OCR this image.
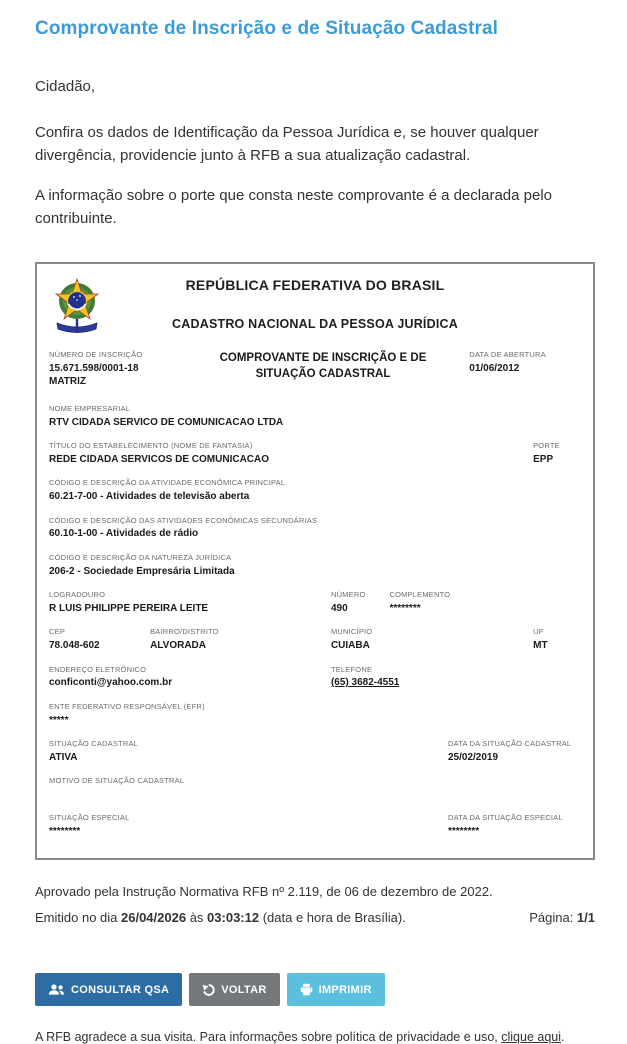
Comprovante de Inscrição e de Situação Cadastral
Cidadão,
Confira os dados de Identificação da Pessoa Jurídica e, se houver qualquer divergência, providencie junto à RFB a sua atualização cadastral.
A informação sobre o porte que consta neste comprovante é a declarada pelo contribuinte.
REPÚBLICA FEDERATIVA DO BRASIL
CADASTRO NACIONAL DA PESSOA JURÍDICA
NÚMERO DE INSCRIÇÃO
15.671.598/0001-18
MATRIZ
COMPROVANTE DE INSCRIÇÃO E DE SITUAÇÃO CADASTRAL
DATA DE ABERTURA
01/06/2012
NOME EMPRESARIAL
RTV CIDADA SERVICO DE COMUNICACAO LTDA
TÍTULO DO ESTABELECIMENTO (NOME DE FANTASIA)
REDE CIDADA SERVICOS DE COMUNICACAO
PORTE
EPP
CÓDIGO E DESCRIÇÃO DA ATIVIDADE ECONÔMICA PRINCIPAL
60.21-7-00 - Atividades de televisão aberta
CÓDIGO E DESCRIÇÃO DAS ATIVIDADES ECONÔMICAS SECUNDÁRIAS
60.10-1-00 - Atividades de rádio
CÓDIGO E DESCRIÇÃO DA NATUREZA JURÍDICA
206-2 - Sociedade Empresária Limitada
LOGRADOURO
R LUIS PHILIPPE PEREIRA LEITE
NÚMERO
490
COMPLEMENTO
********
CEP
78.048-602
BAIRRO/DISTRITO
ALVORADA
MUNICÍPIO
CUIABA
UF
MT
ENDEREÇO ELETRÔNICO
conficonti@yahoo.com.br
TELEFONE
(65) 3682-4551
ENTE FEDERATIVO RESPONSÁVEL (EFR)
*****
SITUAÇÃO CADASTRAL
ATIVA
DATA DA SITUAÇÃO CADASTRAL
25/02/2019
MOTIVO DE SITUAÇÃO CADASTRAL
SITUAÇÃO ESPECIAL
********
DATA DA SITUAÇÃO ESPECIAL
********
Aprovado pela Instrução Normativa RFB nº 2.119, de 06 de dezembro de 2022.
Emitido no dia 26/04/2026 às 03:03:12 (data e hora de Brasília).	Página: 1/1
CONSULTAR QSA	VOLTAR	IMPRIMIR
A RFB agradece a sua visita. Para informações sobre política de privacidade e uso, clique aqui.
